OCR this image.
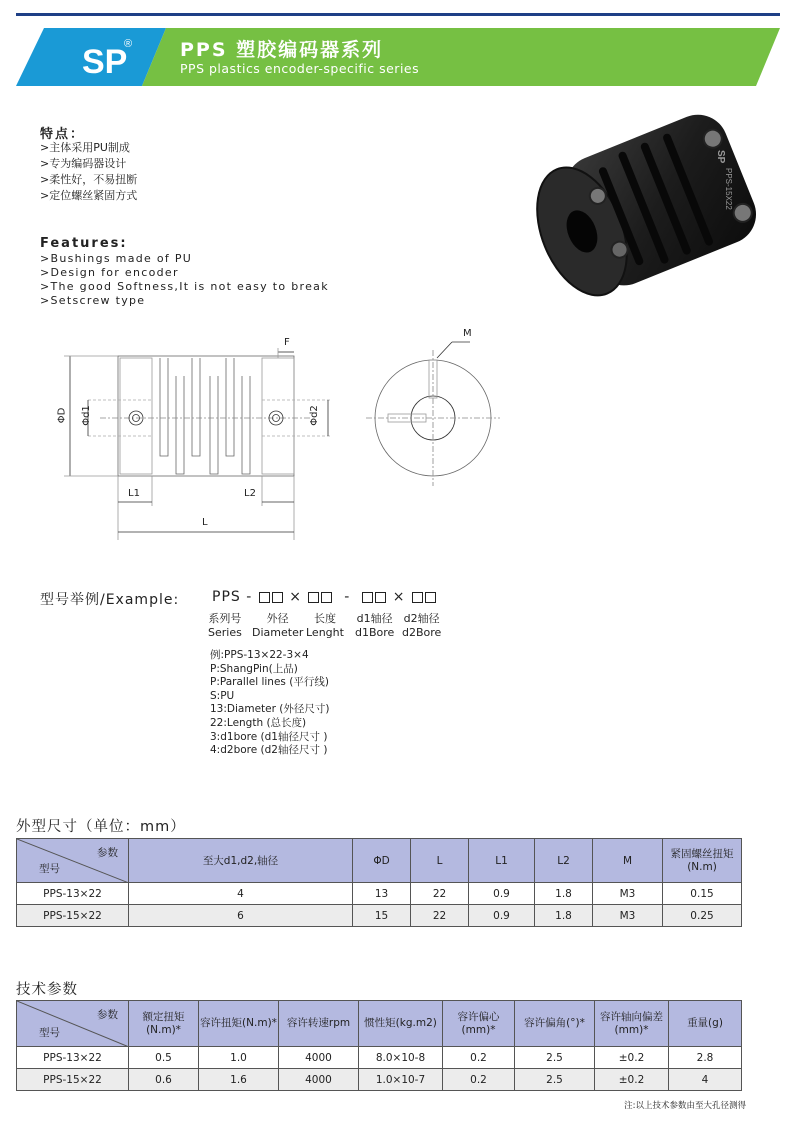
SP
®	PPS 塑胶编码器系列
PPS plastics encoder-specific series
特点：
>主体采用PU制成
>专为编码器设计
>柔性好，不易扭断
>定位螺丝紧固方式
Features:
>Bushings made of PU
>Design for encoder
>The good Softness,It is not easy to break
>Setscrew type
SP
PPS-15X22
F
M
ΦD Φd1	Φd2
L1	L2
L
型号举例/Example: PPS -	×	-	×
系列号
Series
外径
Diameter
长度
Lenght
d1轴径
d1Bore
d2轴径
d2Bore
例:PPS-13×22-3×4
P:ShangPin(上品)
P:Parallel lines (平行线)
S:PU
13:Diameter (外径尺寸)
22:Length (总长度)
3:d1bore (d1轴径尺寸 )
4:d2bore (d2轴径尺寸 )
外型尺寸（单位：mm）
参数
型号	至大d1,d2,轴径	ΦD	L	L1	L2	M	紧固螺丝扭矩(N.m)
PPS-13×22	4	13	22	0.9	1.8	M3	0.15
PPS-15×22	6	15	22	0.9	1.8	M3	0.25
技术参数
参数
型号	额定扭矩(N.m)*	容许扭矩(N.m)*	容许转速rpm	惯性矩(kg.m2)	容许偏心(mm)*	容许偏角(°)*	容许轴向偏差(mm)*	重量(g)
PPS-13×22	0.5	1.0	4000	8.0×10-8	0.2	2.5	±0.2	2.8
PPS-15×22	0.6	1.6	4000	1.0×10-7	0.2	2.5	±0.2	4
注:以上技术参数由至大孔径测得
